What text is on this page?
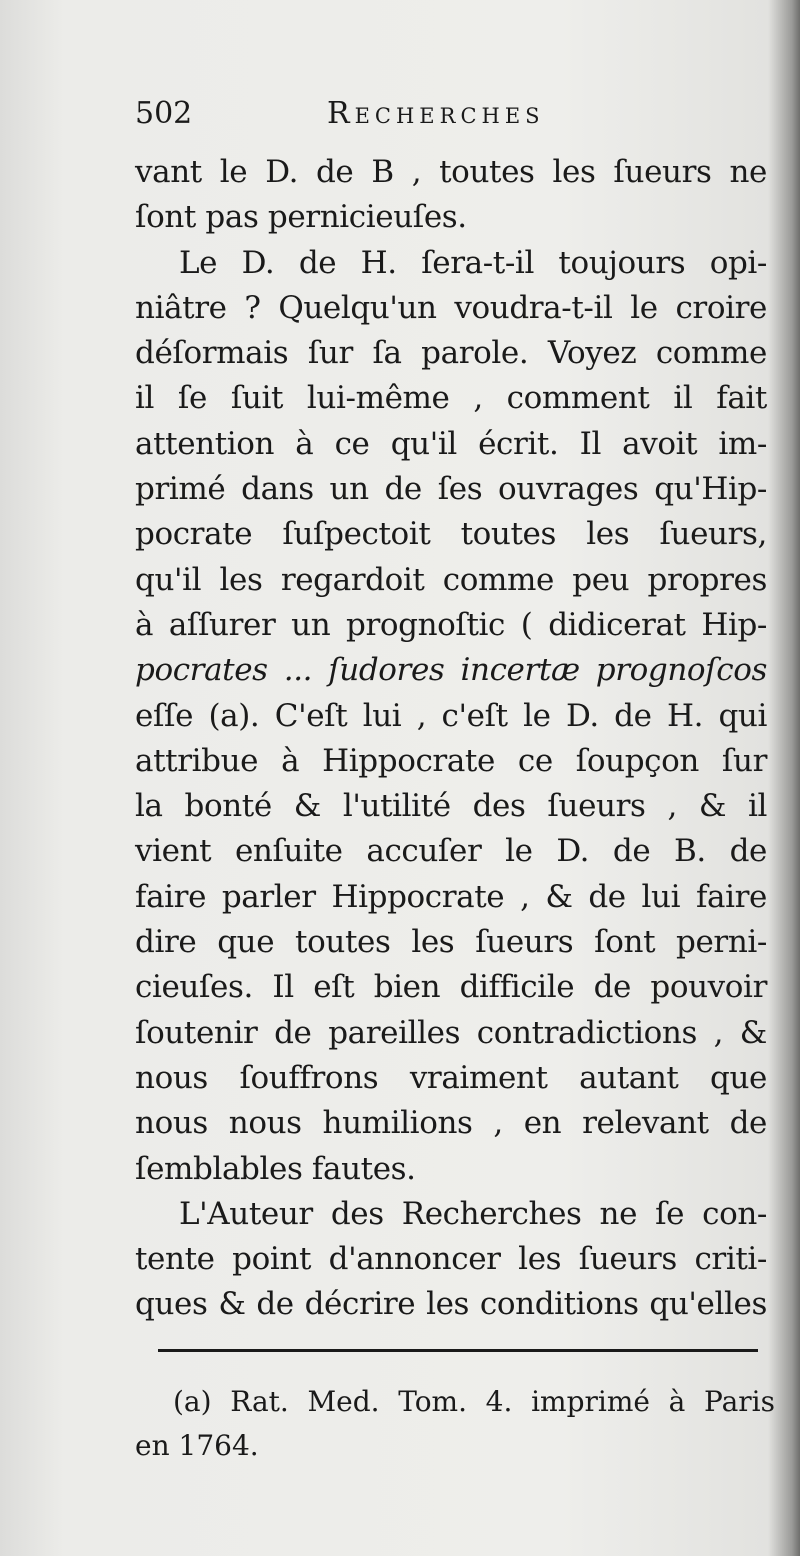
502	Recherches
vant le D. de B , toutes les ſueurs ne
ſont pas pernicieuſes.
Le D. de H. ſera-t-il toujours opi-
niâtre ? Quelqu'un voudra-t-il le croire
déſormais ſur ſa parole. Voyez comme
il ſe ſuit lui-même , comment il fait
attention à ce qu'il écrit. Il avoit im-
primé dans un de ſes ouvrages qu'Hip-
pocrate ſuſpectoit toutes les ſueurs,
qu'il les regardoit comme peu propres
à aſſurer un prognoſtic ( didicerat Hip-
pocrates ... ſudores incertæ prognoſcos
eſſe (a). C'eſt lui , c'eſt le D. de H. qui
attribue à Hippocrate ce ſoupçon ſur
la bonté & l'utilité des ſueurs , & il
vient enſuite accuſer le D. de B. de
faire parler Hippocrate , & de lui faire
dire que toutes les ſueurs ſont perni-
cieuſes. Il eſt bien difficile de pouvoir
ſoutenir de pareilles contradictions , &
nous ſouffrons vraiment autant que
nous nous humilions , en relevant de
ſemblables fautes.
L'Auteur des Recherches ne ſe con-
tente point d'annoncer les ſueurs criti-
ques & de décrire les conditions qu'elles
(a) Rat. Med. Tom. 4. imprimé à Paris
en 1764.
